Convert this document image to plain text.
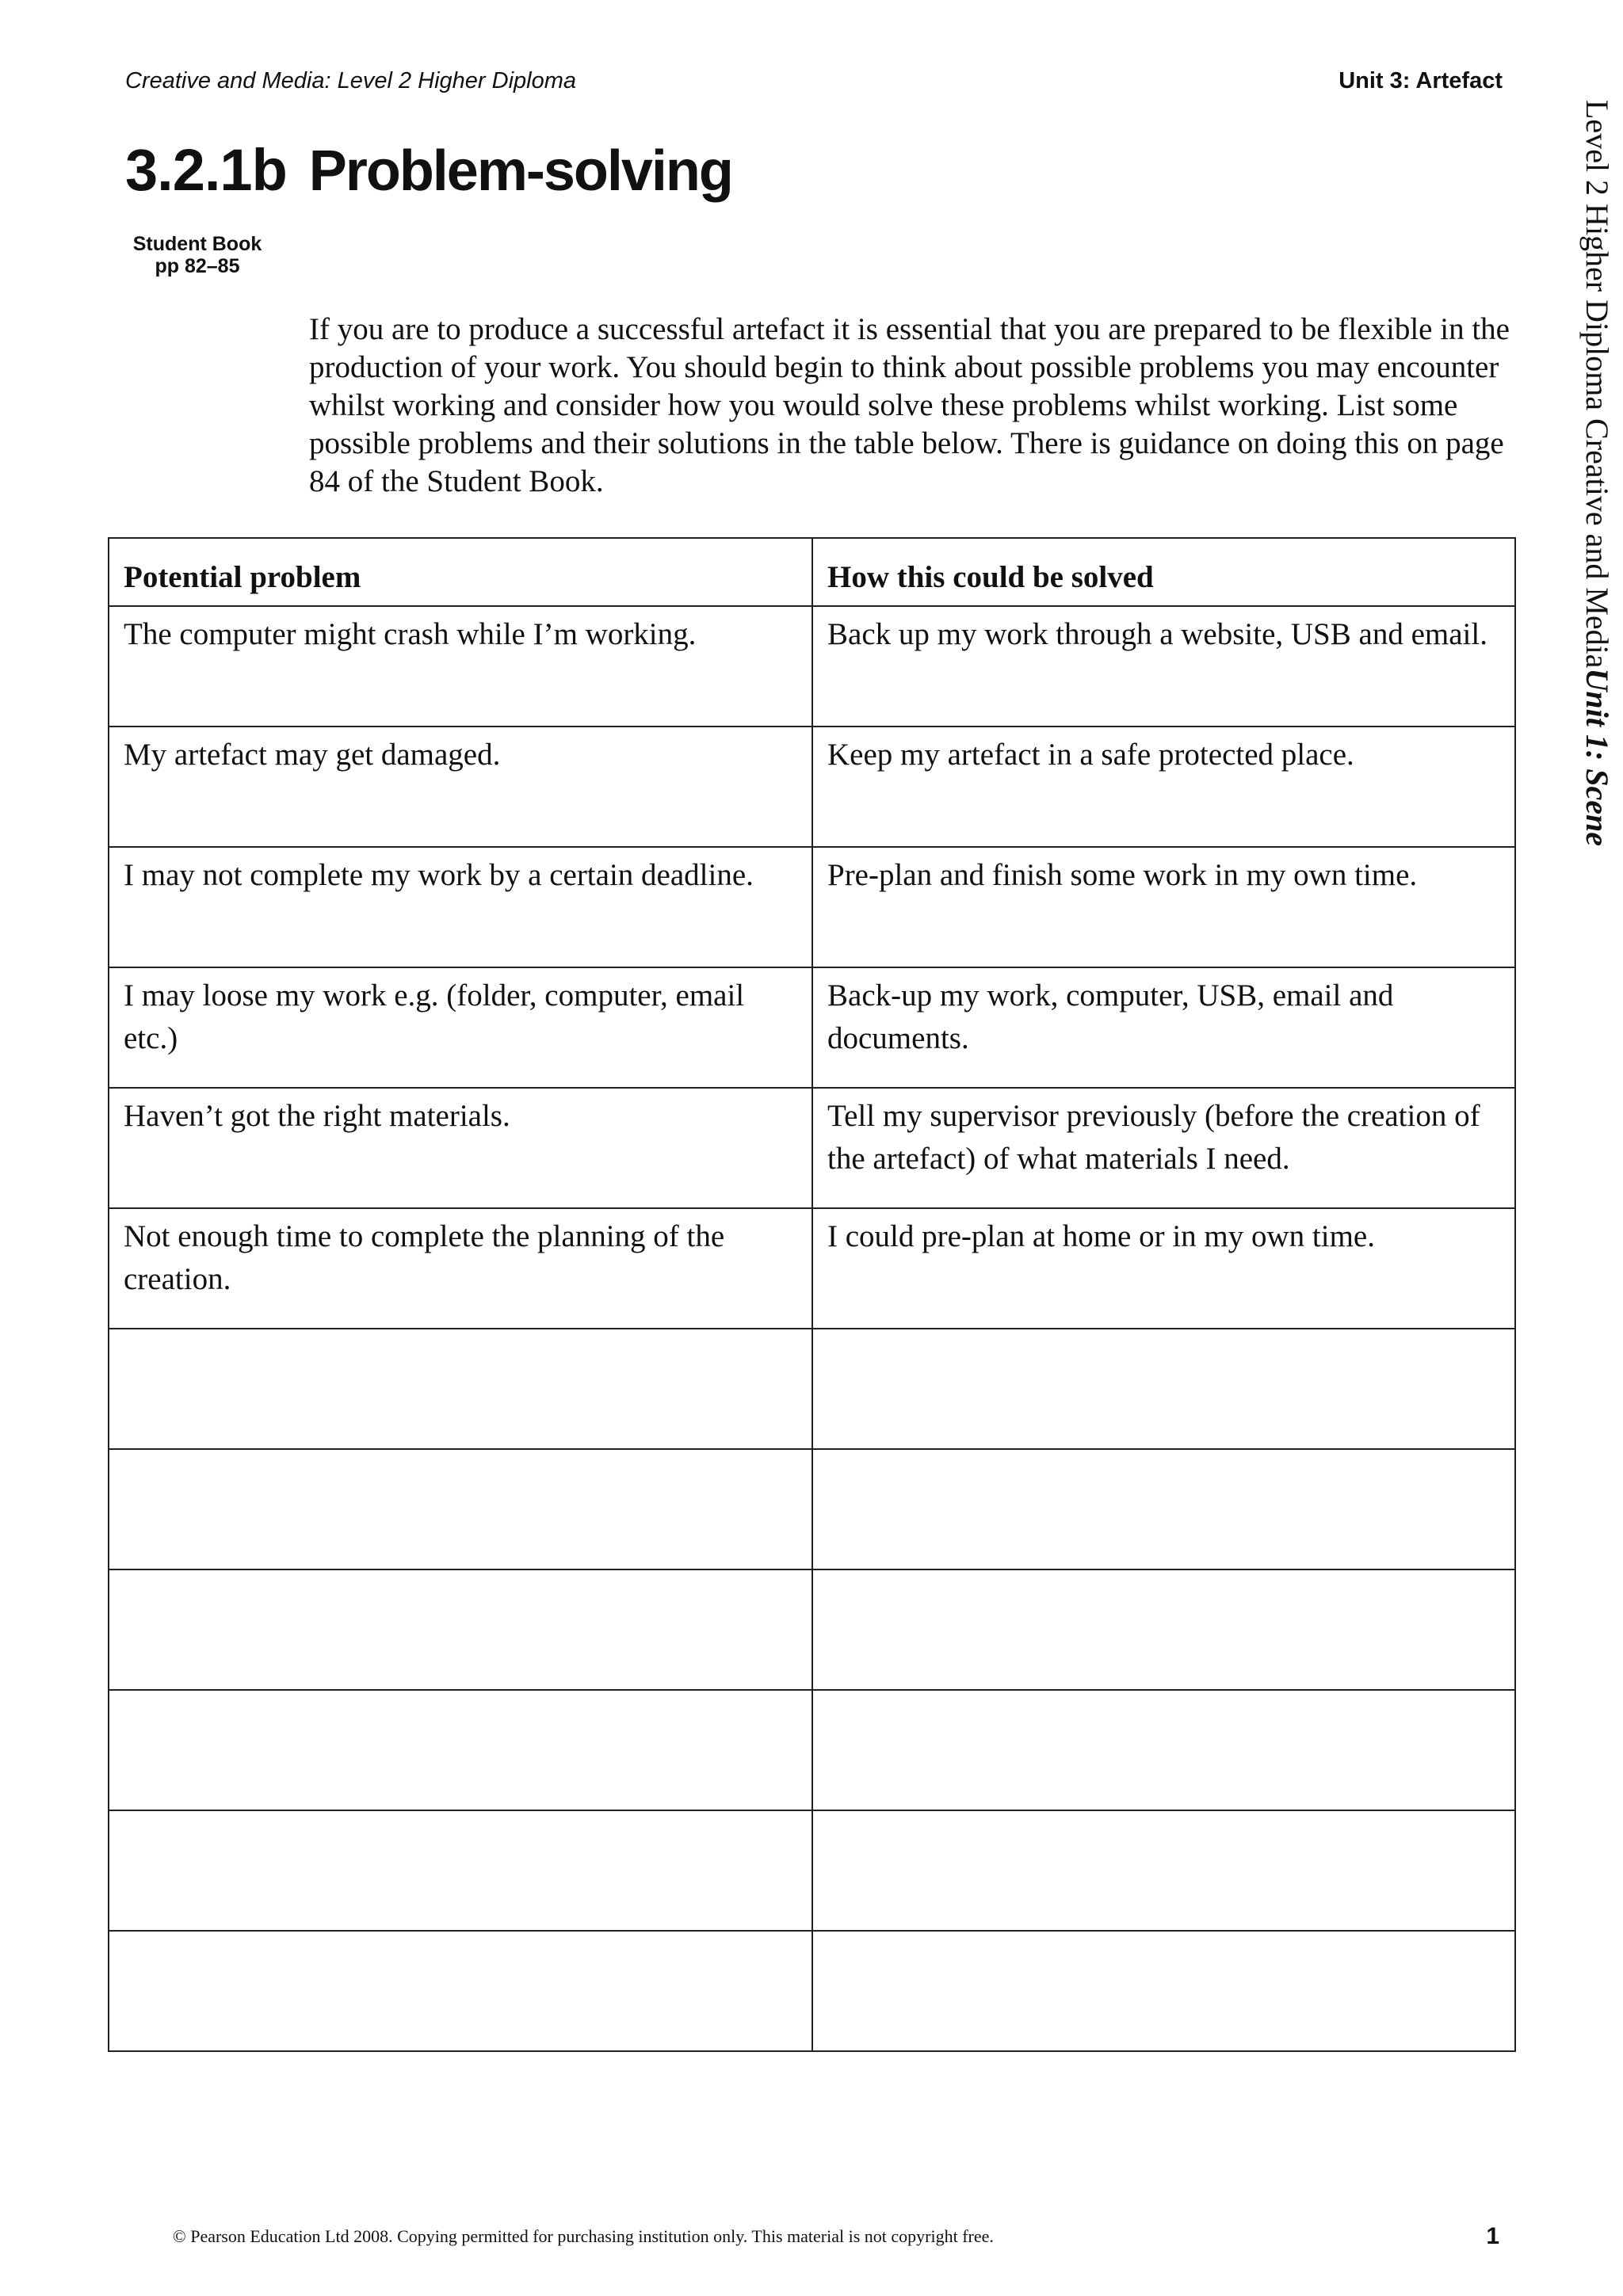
Creative and Media: Level 2 Higher Diploma	Unit 3: Artefact
3.2.1b Problem-solving
Student Book
pp 82–85
If you are to produce a successful artefact it is essential that you are prepared to be flexible in the production of your work. You should begin to think about possible problems you may encounter whilst working and consider how you would solve these problems whilst working. List some possible problems and their solutions in the table below. There is guidance on doing this on page 84 of the Student Book.	Level 2 Higher Diploma Creative and MediaUnit 1: Scene
Potential problem	How this could be solved
The computer might crash while I’m working.	Back up my work through a website, USB and email.
My artefact may get damaged.	Keep my artefact in a safe protected place.
I may not complete my work by a certain deadline.	Pre-plan and finish some work in my own time.
I may loose my work e.g. (folder, computer, email etc.)	Back-up my work, computer, USB, email and documents.
Haven’t got the right materials.	Tell my supervisor previously (before the creation of the artefact) of what materials I need.
Not enough time to complete the planning of the creation.	I could pre-plan at home or in my own time.

© Pearson Education Ltd 2008. Copying permitted for purchasing institution only. This material is not copyright free.	1
